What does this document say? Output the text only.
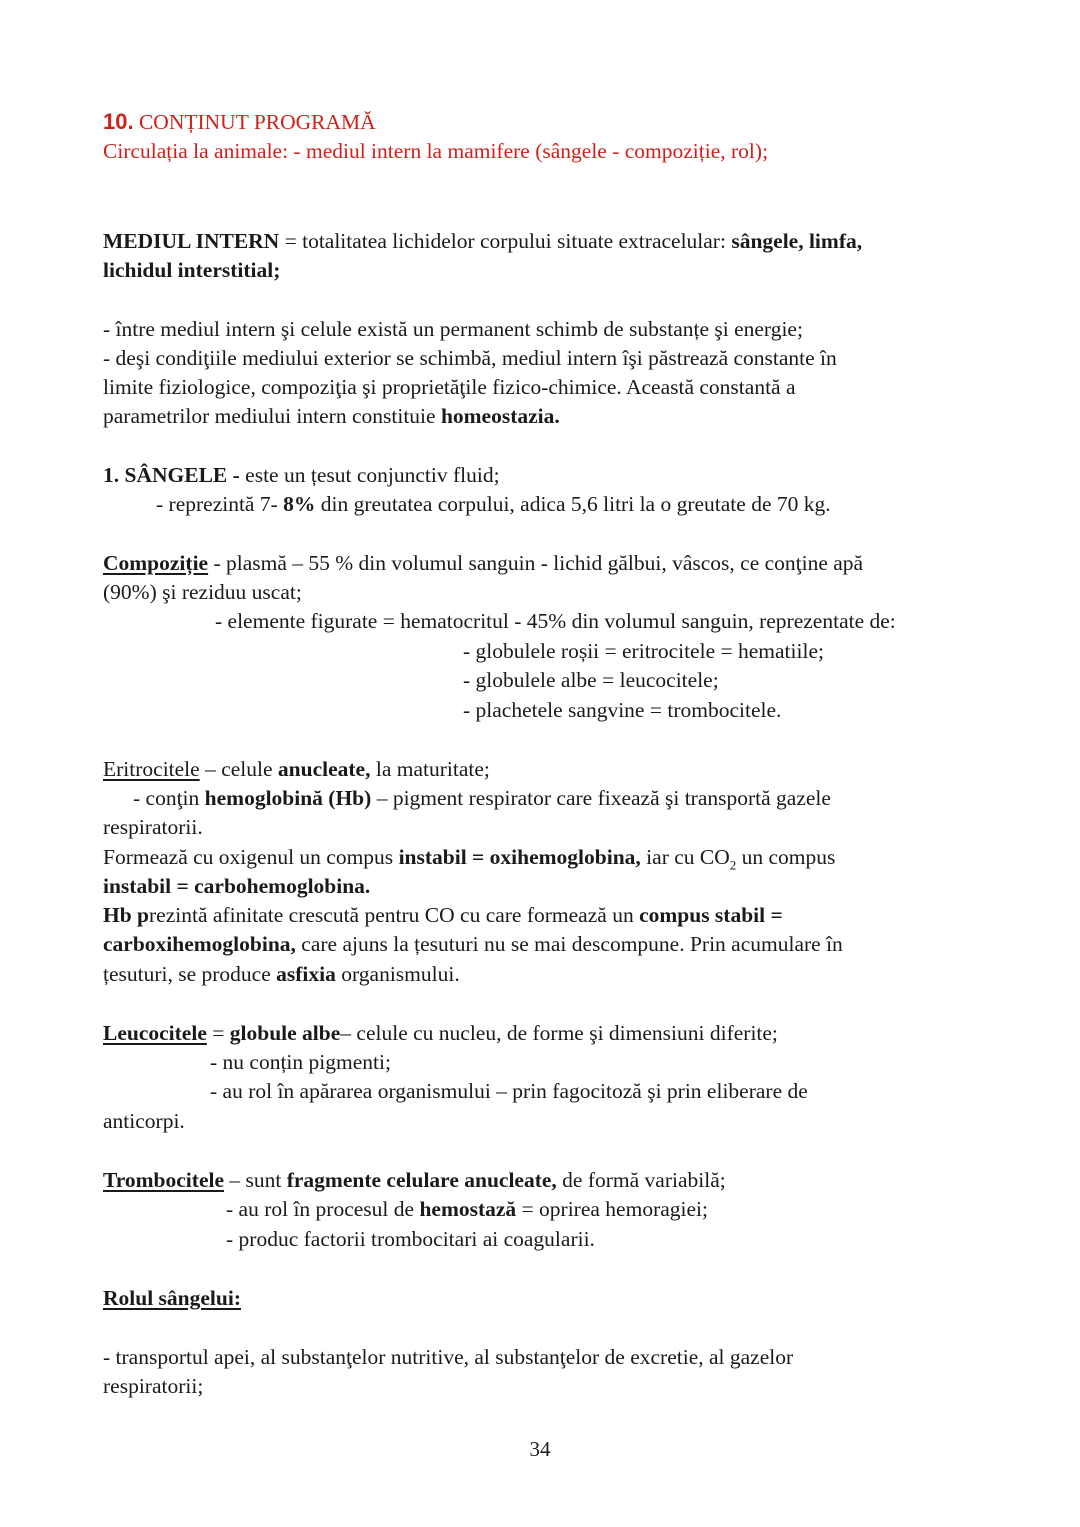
10. CONȚINUT PROGRAMĂ
Circulația la animale: - mediul intern la mamifere (sângele - compoziție, rol);
MEDIUL INTERN = totalitatea lichidelor corpului situate extracelular: sângele, limfa,
lichidul interstitial;
- între mediul intern şi celule există un permanent schimb de substanțe şi energie;
- deşi condiţiile mediului exterior se schimbă, mediul intern îşi păstrează constante în
limite fiziologice, compoziţia şi proprietăţile fizico-chimice. Această constantă a
parametrilor mediului intern constituie homeostazia.
1. SÂNGELE - este un țesut conjunctiv fluid;
- reprezintă 7- 8% din greutatea corpului, adica 5,6 litri la o greutate de 70 kg.
Compoziție - plasmă – 55 % din volumul sanguin - lichid gălbui, vâscos, ce conţine apă
(90%) şi reziduu uscat;
- elemente figurate = hematocritul - 45% din volumul sanguin, reprezentate de:
- globulele roșii = eritrocitele = hematiile;
- globulele albe = leucocitele;
- plachetele sangvine = trombocitele.
Eritrocitele – celule anucleate, la maturitate;
- conţin hemoglobină (Hb) – pigment respirator care fixează şi transportă gazele
respiratorii.
Formează cu oxigenul un compus instabil = oxihemoglobina, iar cu $CO_2$ un compus
instabil = carbohemoglobina.
Hb prezintă afinitate crescută pentru CO cu care formează un compus stabil =
carboxihemoglobina, care ajuns la țesuturi nu se mai descompune. Prin acumulare în
țesuturi, se produce asfixia organismului.
Leucocitele = globule albe– celule cu nucleu, de forme şi dimensiuni diferite;
- nu conțin pigmenti;
- au rol în apărarea organismului – prin fagocitoză şi prin eliberare de
anticorpi.
Trombocitele – sunt fragmente celulare anucleate, de formă variabilă;
- au rol în procesul de hemostază = oprirea hemoragiei;
- produc factorii trombocitari ai coagularii.
Rolul sângelui:
- transportul apei, al substanţelor nutritive, al substanţelor de excretie, al gazelor
respiratorii;
34
